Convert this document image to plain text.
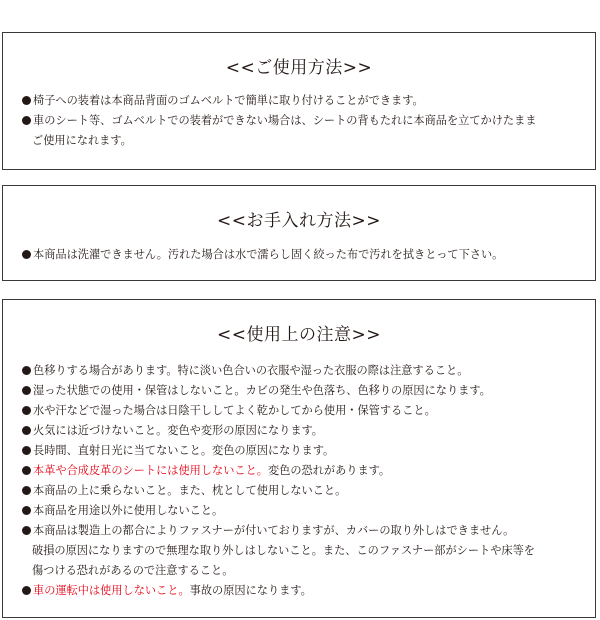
<<ご使用方法>>
椅子への装着は本商品背面のゴムベルトで簡単に取り付けることができます。
車のシート等、ゴムベルトでの装着ができない場合は、シートの背もたれに本商品を立てかけたまま
ご使用になれます。
<<お手入れ方法>>
本商品は洗濯できません。汚れた場合は水で濡らし固く絞った布で汚れを拭きとって下さい。
<<使用上の注意>>
色移りする場合があります。特に淡い色合いの衣服や湿った衣服の際は注意すること。
湿った状態での使用・保管はしないこと。カビの発生や色落ち、色移りの原因になります。
水や汗などで湿った場合は日陰干ししてよく乾かしてから使用・保管すること。
火気には近づけないこと。変色や変形の原因になります。
長時間、直射日光に当てないこと。変色の原因になります。
本革や合成皮革のシートには使用しないこと。変色の恐れがあります。
本商品の上に乗らないこと。また、枕として使用しないこと。
本商品を用途以外に使用しないこと。
本商品は製造上の都合によりファスナーが付いておりますが、カバーの取り外しはできません。
破損の原因になりますので無理な取り外しはしないこと。また、このファスナー部がシートや床等を
傷つける恐れがあるので注意すること。
車の運転中は使用しないこと。事故の原因になります。
